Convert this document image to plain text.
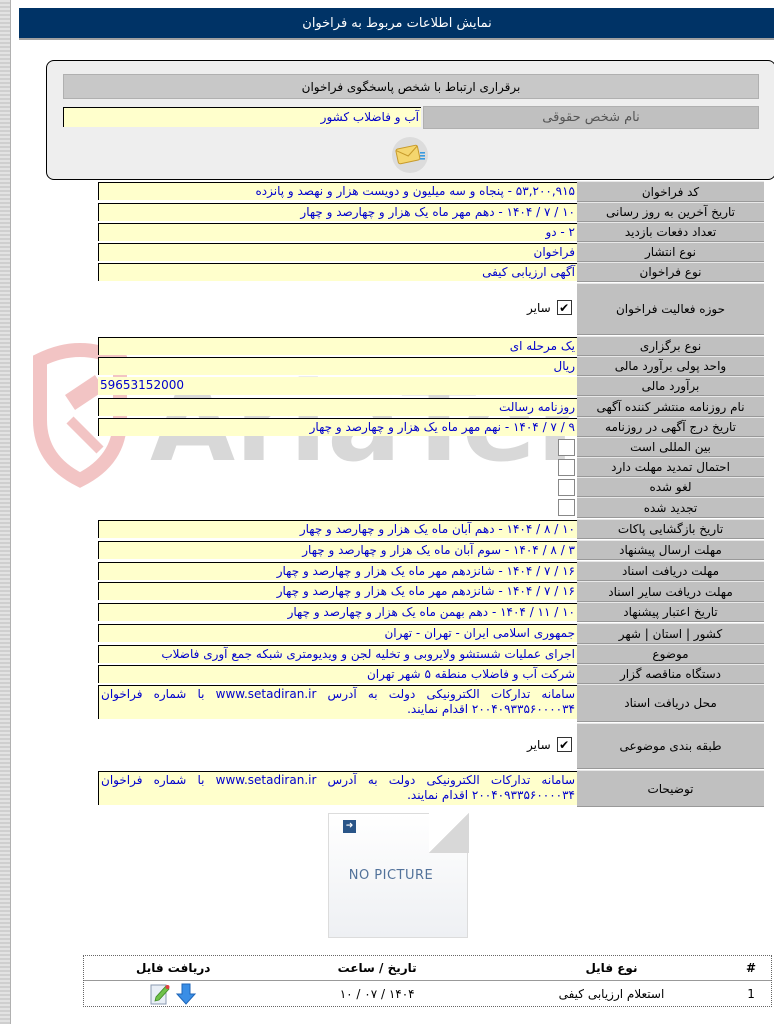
نمایش اطلاعات مربوط به فراخوان
برقراری ارتباط با شخص پاسخگوی فراخوان
نام شخص حقوقی
آب و فاضلاب کشور
کد فراخوان
۵۳,۲۰۰,۹۱۵ - پنجاه و سه میلیون و دویست هزار و نهصد و پانزده
تاریخ آخرین به روز رسانی
۱۰ / ۷ / ۱۴۰۴ - دهم مهر ماه یک هزار و چهارصد و چهار
تعداد دفعات بازدید
۲ - دو
نوع انتشار
فراخوان
نوع فراخوان
آگهی ارزیابی کیفی
حوزه فعالیت فراخوان
✔
سایر
نوع برگزاری
یک مرحله ای
واحد پولی برآورد مالی
ریال
برآورد مالی
59653152000
نام روزنامه منتشر کننده آگهی
روزنامه رسالت
تاریخ درج آگهی در روزنامه
۹ / ۷ / ۱۴۰۴ - نهم مهر ماه یک هزار و چهارصد و چهار
بین المللی است
احتمال تمدید مهلت دارد
لغو شده
تجدید شده
تاریخ بازگشایی پاکات
۱۰ / ۸ / ۱۴۰۴ - دهم آبان ماه یک هزار و چهارصد و چهار
مهلت ارسال پیشنهاد
۳ / ۸ / ۱۴۰۴ - سوم آبان ماه یک هزار و چهارصد و چهار
مهلت دریافت اسناد
۱۶ / ۷ / ۱۴۰۴ - شانزدهم مهر ماه یک هزار و چهارصد و چهار
مهلت دریافت سایر اسناد
۱۶ / ۷ / ۱۴۰۴ - شانزدهم مهر ماه یک هزار و چهارصد و چهار
تاریخ اعتبار پیشنهاد
۱۰ / ۱۱ / ۱۴۰۴ - دهم بهمن ماه یک هزار و چهارصد و چهار
کشور | استان | شهر
جمهوری اسلامی ایران - تهران - تهران
موضوع
اجرای عملیات شستشو ولایروبی و تخلیه لجن و ویدیومتری شبکه جمع آوری فاضلاب
دستگاه مناقصه گزار
شرکت آب و فاضلاب منطقه ۵ شهر تهران
محل دریافت اسناد
سامانه تدارکات الکترونیکی دولت به آدرس www.setadiran.ir با شماره فراخوان ۲۰۰۴۰۹۳۳۵۶۰۰۰۰۳۴ اقدام نمایند.
طبقه بندی موضوعی
✔
سایر
توضیحات
سامانه تدارکات الکترونیکی دولت به آدرس www.setadiran.ir با شماره فراخوان ۲۰۰۴۰۹۳۳۵۶۰۰۰۰۳۴ اقدام نمایند.
➜
NO PICTURE
#
نوع فایل
تاریخ / ساعت
دریافت فایل
1
استعلام ارزیابی کیفی
۱۴۰۴ / ۰۷ / ۱۰
